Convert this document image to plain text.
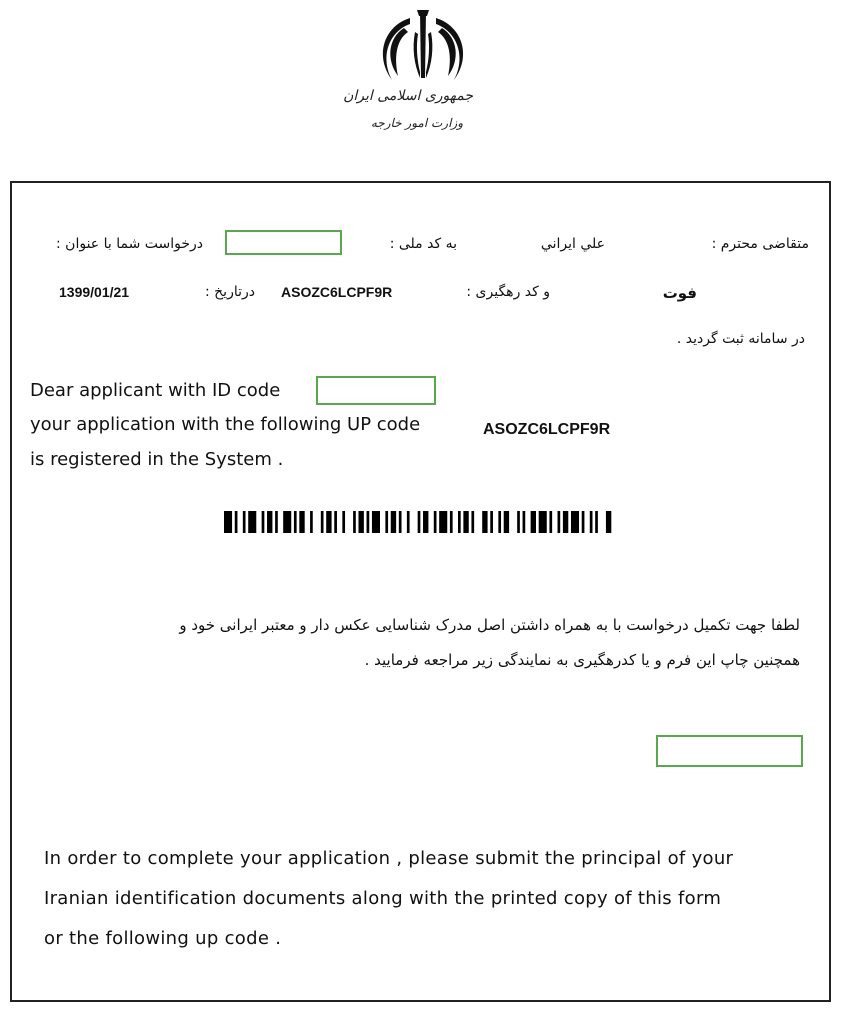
جمهوری اسلامی ایران
وزارت امور خارجه
متقاضی محترم :
علي ايراني
به کد ملی :
درخواست شما با عنوان :
فوت
و کد رهگیری :
ASOZC6LCPF9R
درتاریخ :
1399/01/21
در سامانه ثبت گردید .
Dear applicant with ID code
your application with the following UP code	ASOZC6LCPF9R
is registered in the System .
لطفا جهت تکمیل درخواست با به همراه داشتن اصل مدرک شناسایی عکس دار و معتبر ایرانی خود و
همچنین چاپ این فرم و یا کدرهگیری به نمایندگی زیر مراجعه فرمایید .
In order to complete your application , please submit the principal of your
Iranian identification documents along with the printed copy of this form
or the following up code .
